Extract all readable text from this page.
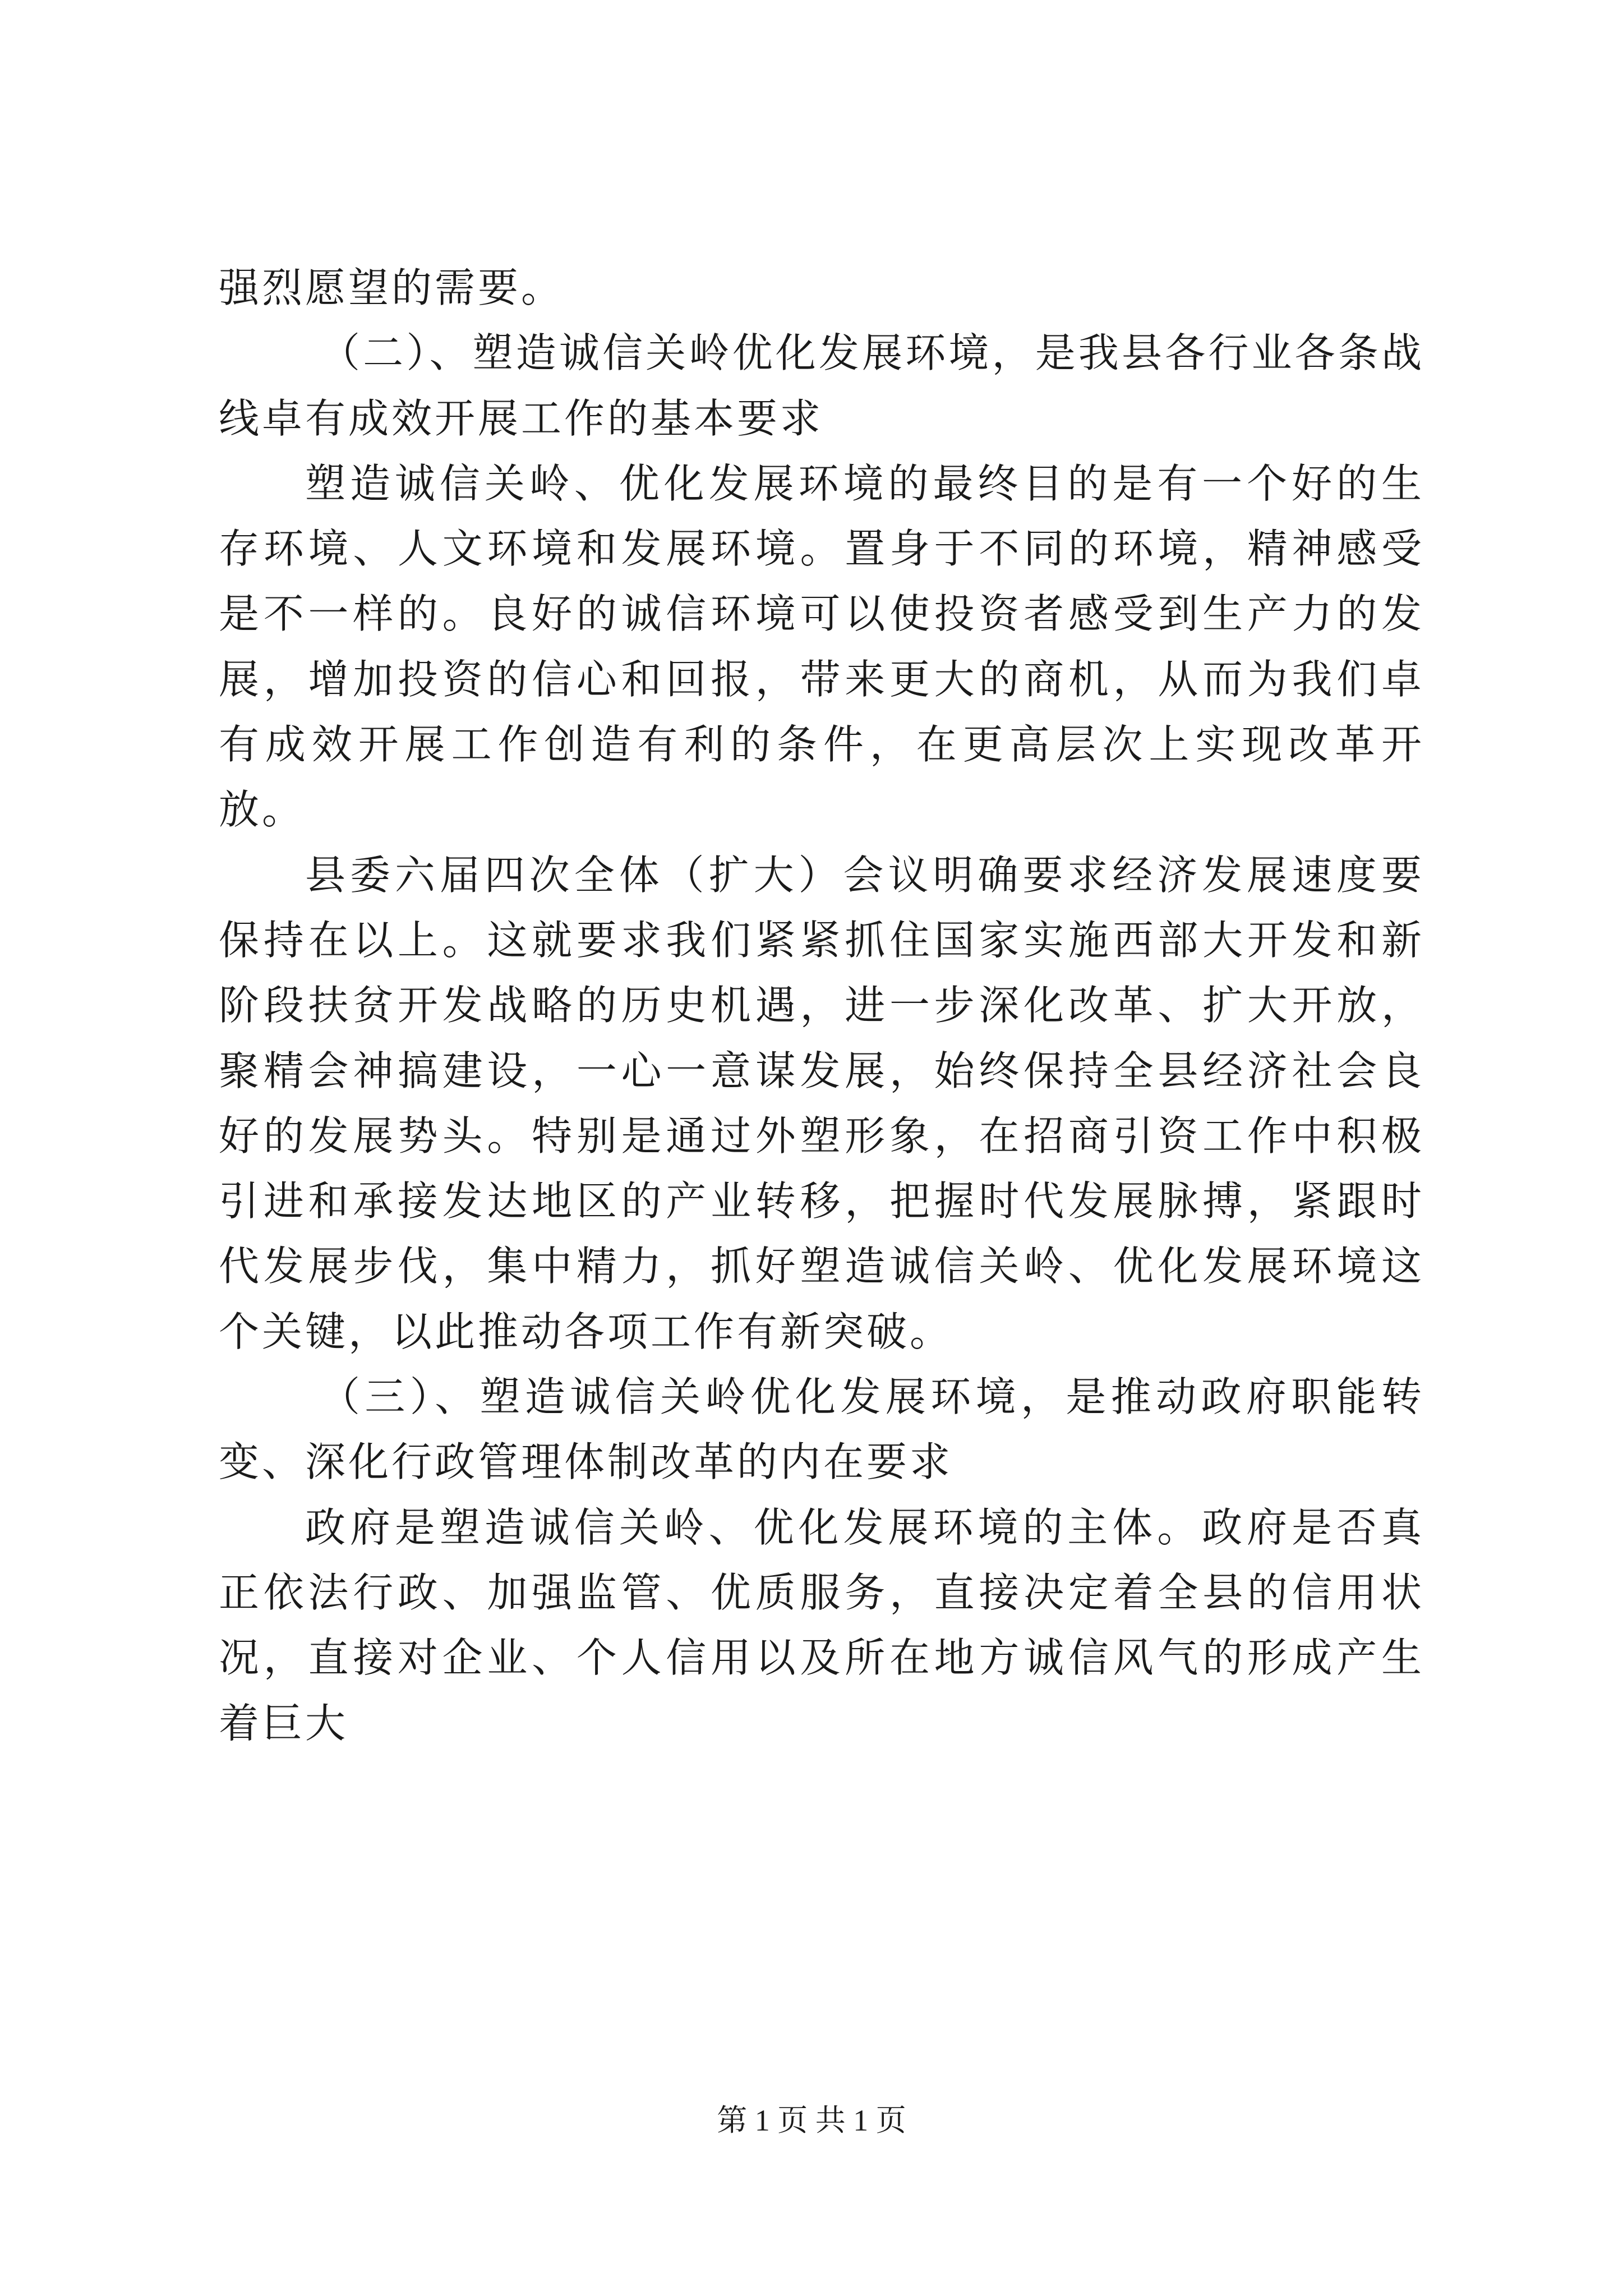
强烈愿望的需要。

（二）、塑造诚信关岭优化发展环境，是我县各行业各条战线卓有成效开展工作的基本要求

塑造诚信关岭、优化发展环境的最终目的是有一个好的生存环境、人文环境和发展环境。置身于不同的环境，精神感受是不一样的。良好的诚信环境可以使投资者感受到生产力的发展，增加投资的信心和回报，带来更大的商机，从而为我们卓有成效开展工作创造有利的条件，在更高层次上实现改革开放。

县委六届四次全体（扩大）会议明确要求经济发展速度要保持在以上。这就要求我们紧紧抓住国家实施西部大开发和新阶段扶贫开发战略的历史机遇，进一步深化改革、扩大开放，聚精会神搞建设，一心一意谋发展，始终保持全县经济社会良好的发展势头。特别是通过外塑形象，在招商引资工作中积极引进和承接发达地区的产业转移，把握时代发展脉搏，紧跟时代发展步伐，集中精力，抓好塑造诚信关岭、优化发展环境这个关键，以此推动各项工作有新突破。

（三）、塑造诚信关岭优化发展环境，是推动政府职能转变、深化行政管理体制改革的内在要求

政府是塑造诚信关岭、优化发展环境的主体。政府是否真正依法行政、加强监管、优质服务，直接决定着全县的信用状况，直接对企业、个人信用以及所在地方诚信风气的形成产生着巨大

第 1 页 共 1 页
